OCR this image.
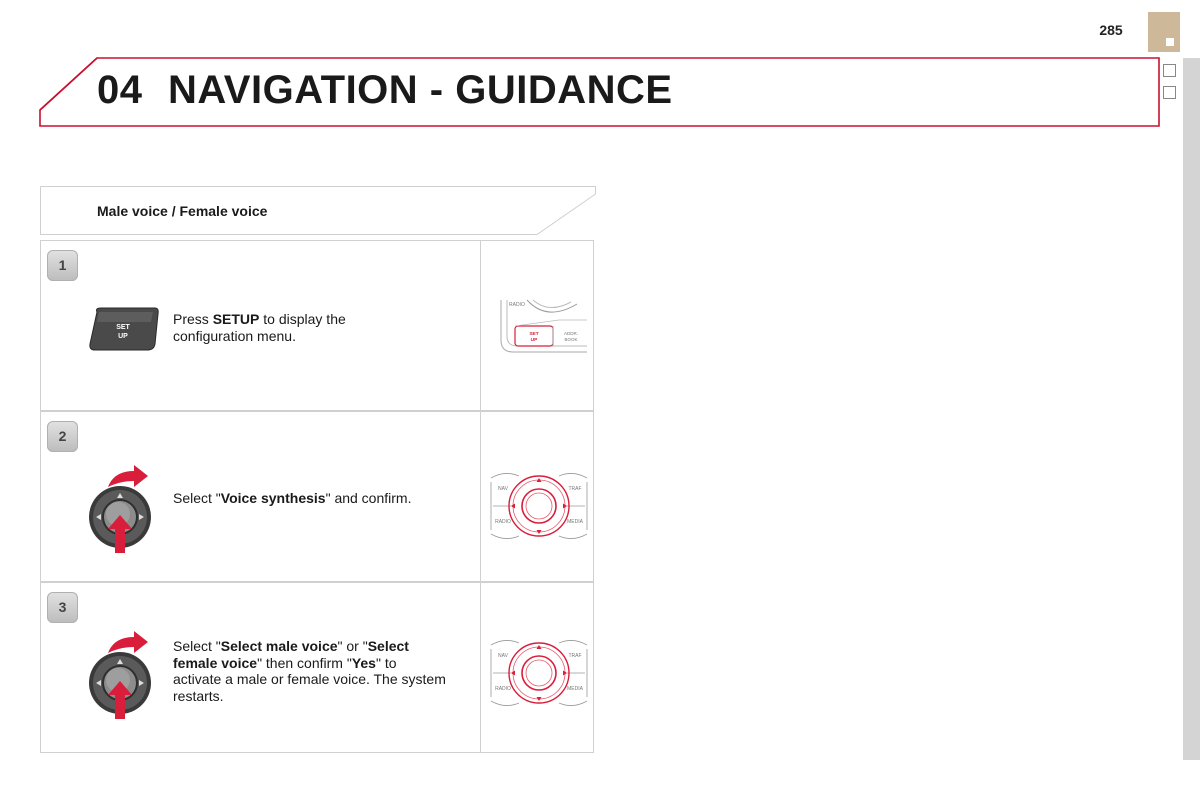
285
04 NAVIGATION - GUIDANCE
Male voice / Female voice
1
SET
UP
Press SETUP to display the configuration menu.
RADIO
SET
UP
ADDR.
BOOK
2
Select "Voice synthesis" and confirm.
NAV	TRAF
RADIO	MEDIA
3
Select "Select male voice" or "Select female voice" then confirm "Yes" to activate a male or female voice. The system restarts.
NAV	TRAF
RADIO	MEDIA
